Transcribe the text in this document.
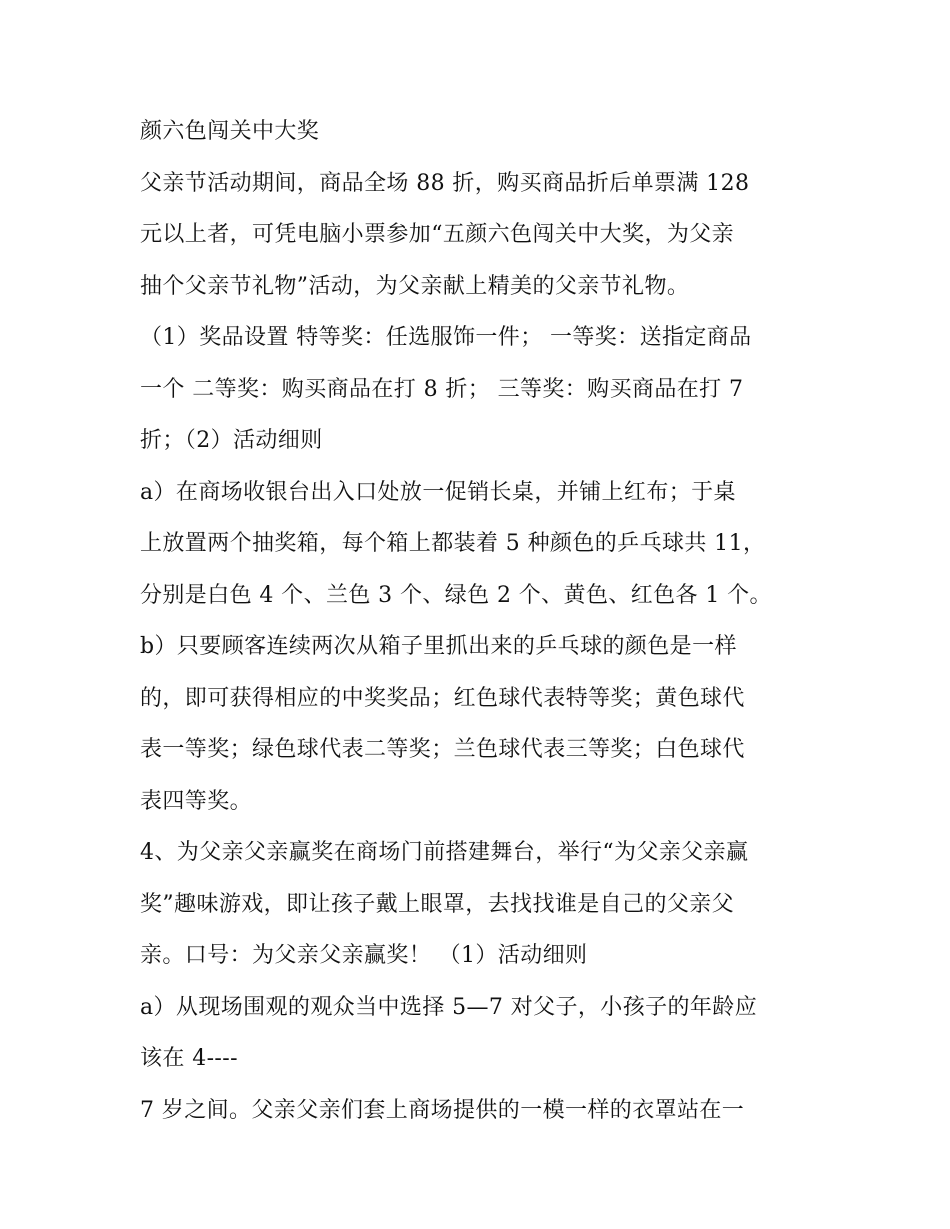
颜六色闯关中大奖

父亲节活动期间，商品全场 88 折，购买商品折后单票满 128

元以上者，可凭电脑小票参加“五颜六色闯关中大奖，为父亲

抽个父亲节礼物”活动，为父亲献上精美的父亲节礼物。

（1）奖品设置 特等奖：任选服饰一件； 一等奖：送指定商品

一个 二等奖：购买商品在打 8 折； 三等奖：购买商品在打 7

折；（2）活动细则

a）在商场收银台出入口处放一促销长桌，并铺上红布；于桌

上放置两个抽奖箱，每个箱上都装着 5 种颜色的乒乓球共 11，

分别是白色 4 个、兰色 3 个、绿色 2 个、黄色、红色各 1 个。

b）只要顾客连续两次从箱子里抓出来的乒乓球的颜色是一样

的，即可获得相应的中奖奖品；红色球代表特等奖；黄色球代

表一等奖；绿色球代表二等奖；兰色球代表三等奖；白色球代

表四等奖。

4、为父亲父亲赢奖在商场门前搭建舞台，举行“为父亲父亲赢

奖”趣味游戏，即让孩子戴上眼罩，去找找谁是自己的父亲父

亲。口号：为父亲父亲赢奖！ （1）活动细则

a）从现场围观的观众当中选择 5—7 对父子，小孩子的年龄应

该在 4----

7 岁之间。父亲父亲们套上商场提供的一模一样的衣罩站在一
